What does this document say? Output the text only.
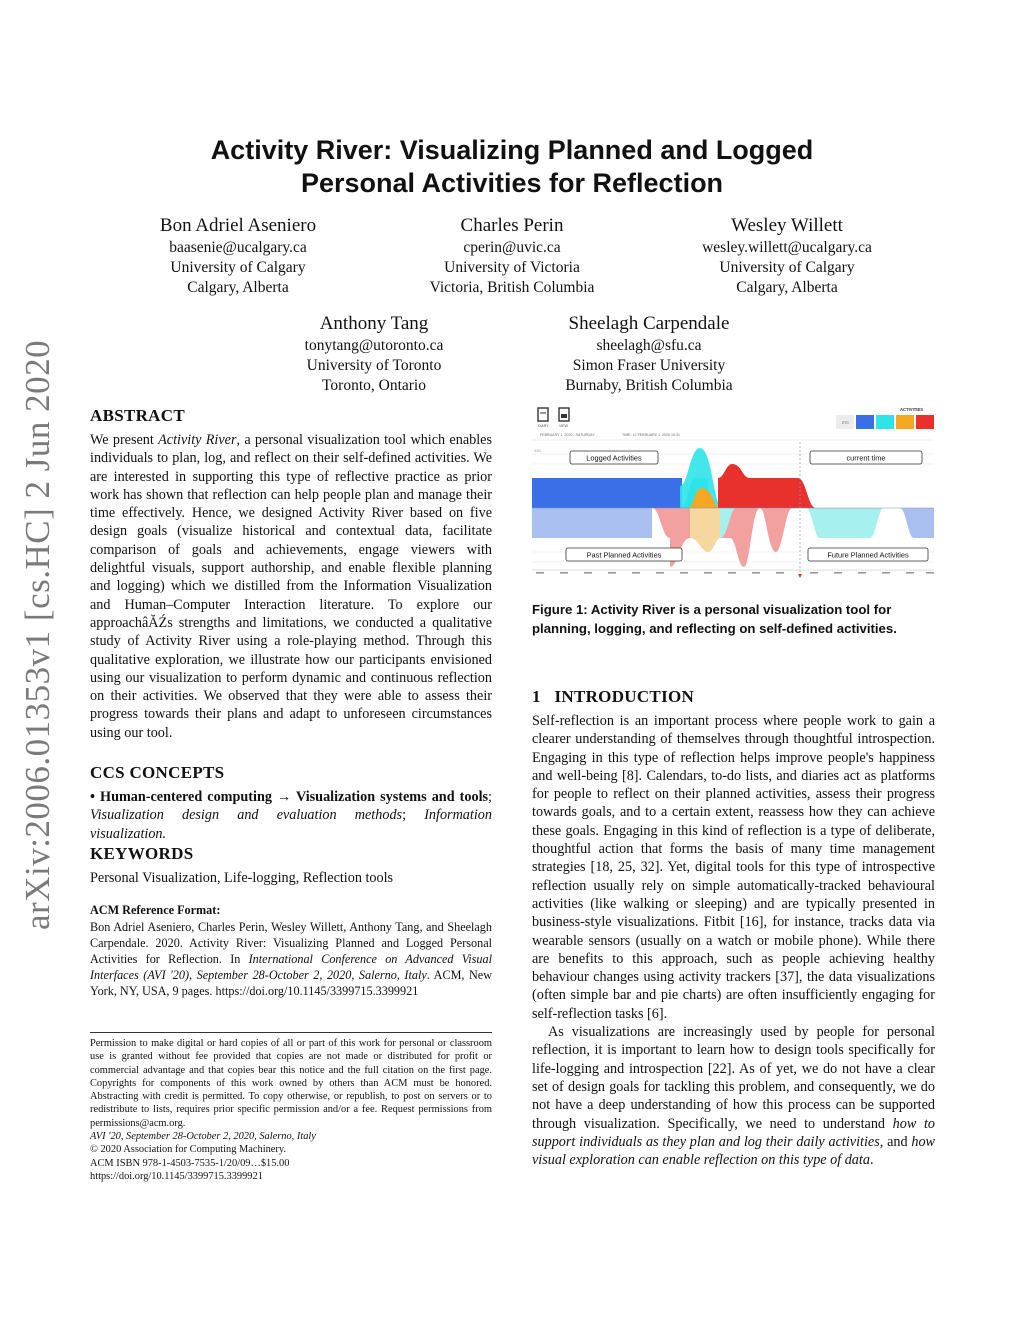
arXiv:2006.01353v1 [cs.HC] 2 Jun 2020
Activity River: Visualizing Planned and Logged
Personal Activities for Reflection
Bon Adriel Aseniero
baasenie@ucalgary.ca
University of Calgary
Calgary, Alberta
Charles Perin
cperin@uvic.ca
University of Victoria
Victoria, British Columbia
Wesley Willett
wesley.willett@ucalgary.ca
University of Calgary
Calgary, Alberta
Anthony Tang
tonytang@utoronto.ca
University of Toronto
Toronto, Ontario
Sheelagh Carpendale
sheelagh@sfu.ca
Simon Fraser University
Burnaby, British Columbia
ABSTRACT

We present Activity River, a personal visualization tool which enables individuals to plan, log, and reflect on their self-defined activities. We are interested in supporting this type of reflective practice as prior work has shown that reflection can help people plan and manage their time effectively. Hence, we designed Activity River based on five design goals (visualize historical and contextual data, facilitate comparison of goals and achievements, engage viewers with delightful visuals, support authorship, and enable flexible planning and logging) which we distilled from the Information Visualization and Human–Computer Interaction literature. To explore our approachâĂŹs strengths and limitations, we conducted a qualitative study of Activity River using a role-playing method. Through this qualitative exploration, we illustrate how our participants envisioned using our visualization to perform dynamic and continuous reflection on their activities. We observed that they were able to assess their progress towards their plans and adapt to unforeseen circumstances using our tool.

CCS CONCEPTS

• Human-centered computing → Visualization systems and tools; Visualization design and evaluation methods; Information visualization.

KEYWORDS
Personal Visualization, Life-logging, Reflection tools
ACM Reference Format:
Bon Adriel Aseniero, Charles Perin, Wesley Willett, Anthony Tang, and Sheelagh Carpendale. 2020. Activity River: Visualizing Planned and Logged Personal Activities for Reflection. In International Conference on Advanced Visual Interfaces (AVI '20), September 28-October 2, 2020, Salerno, Italy. ACM, New York, NY, USA, 9 pages. https://doi.org/10.1145/3399715.3399921
Permission to make digital or hard copies of all or part of this work for personal or classroom use is granted without fee provided that copies are not made or distributed for profit or commercial advantage and that copies bear this notice and the full citation on the first page. Copyrights for components of this work owned by others than ACM must be honored. Abstracting with credit is permitted. To copy otherwise, or republish, to post on servers or to redistribute to lists, requires prior specific permission and/or a fee. Request permissions from permissions@acm.org.
AVI '20, September 28-October 2, 2020, Salerno, Italy
© 2020 Association for Computing Machinery.
ACM ISBN 978-1-4503-7535-1/20/09…$15.00
https://doi.org/10.1145/3399715.3399921
DIARY	VIEW
ACTIVITIES
ETC
FEBRUARY 1, 2020 - SATURDAY	TIME: 12 FEBRUARY 1, 2020 10:31
120
Logged Activities	current time
Past Planned Activities	Future Planned Activities
Figure 1: Activity River is a personal visualization tool for planning, logging, and reflecting on self-defined activities.
1 INTRODUCTION

Self-reflection is an important process where people work to gain a clearer understanding of themselves through thoughtful introspection. Engaging in this type of reflection helps improve people's happiness and well-being [8]. Calendars, to-do lists, and diaries act as platforms for people to reflect on their planned activities, assess their progress towards goals, and to a certain extent, reassess how they can achieve these goals. Engaging in this kind of reflection is a type of deliberate, thoughtful action that forms the basis of many time management strategies [18, 25, 32]. Yet, digital tools for this type of introspective reflection usually rely on simple automatically-tracked behavioural activities (like walking or sleeping) and are typically presented in business-style visualizations. Fitbit [16], for instance, tracks data via wearable sensors (usually on a watch or mobile phone). While there are benefits to this approach, such as people achieving healthy behaviour changes using activity trackers [37], the data visualizations (often simple bar and pie charts) are often insufficiently engaging for self-reflection tasks [6].

As visualizations are increasingly used by people for personal reflection, it is important to learn how to design tools specifically for life-logging and introspection [22]. As of yet, we do not have a clear set of design goals for tackling this problem, and consequently, we do not have a deep understanding of how this process can be supported through visualization. Specifically, we need to understand how to support individuals as they plan and log their daily activities, and how visual exploration can enable reflection on this type of data.
